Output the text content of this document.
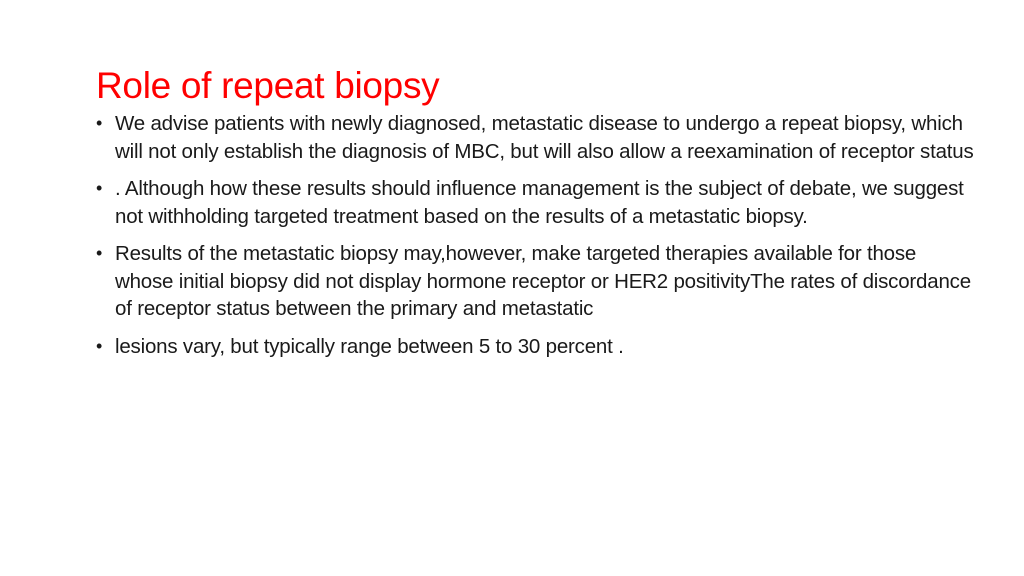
Role of repeat biopsy
• We advise patients with newly diagnosed, metastatic disease to undergo a repeat biopsy, which will not only establish the diagnosis of MBC, but will also allow a reexamination of receptor status
• . Although how these results should influence management is the subject of debate, we suggest not withholding targeted treatment based on the results of a metastatic biopsy.
• Results of the metastatic biopsy may,however, make targeted therapies available for those whose initial biopsy did not display hormone receptor or HER2 positivityThe rates of discordance of receptor status between the primary and metastatic
• lesions vary, but typically range between 5 to 30 percent .
